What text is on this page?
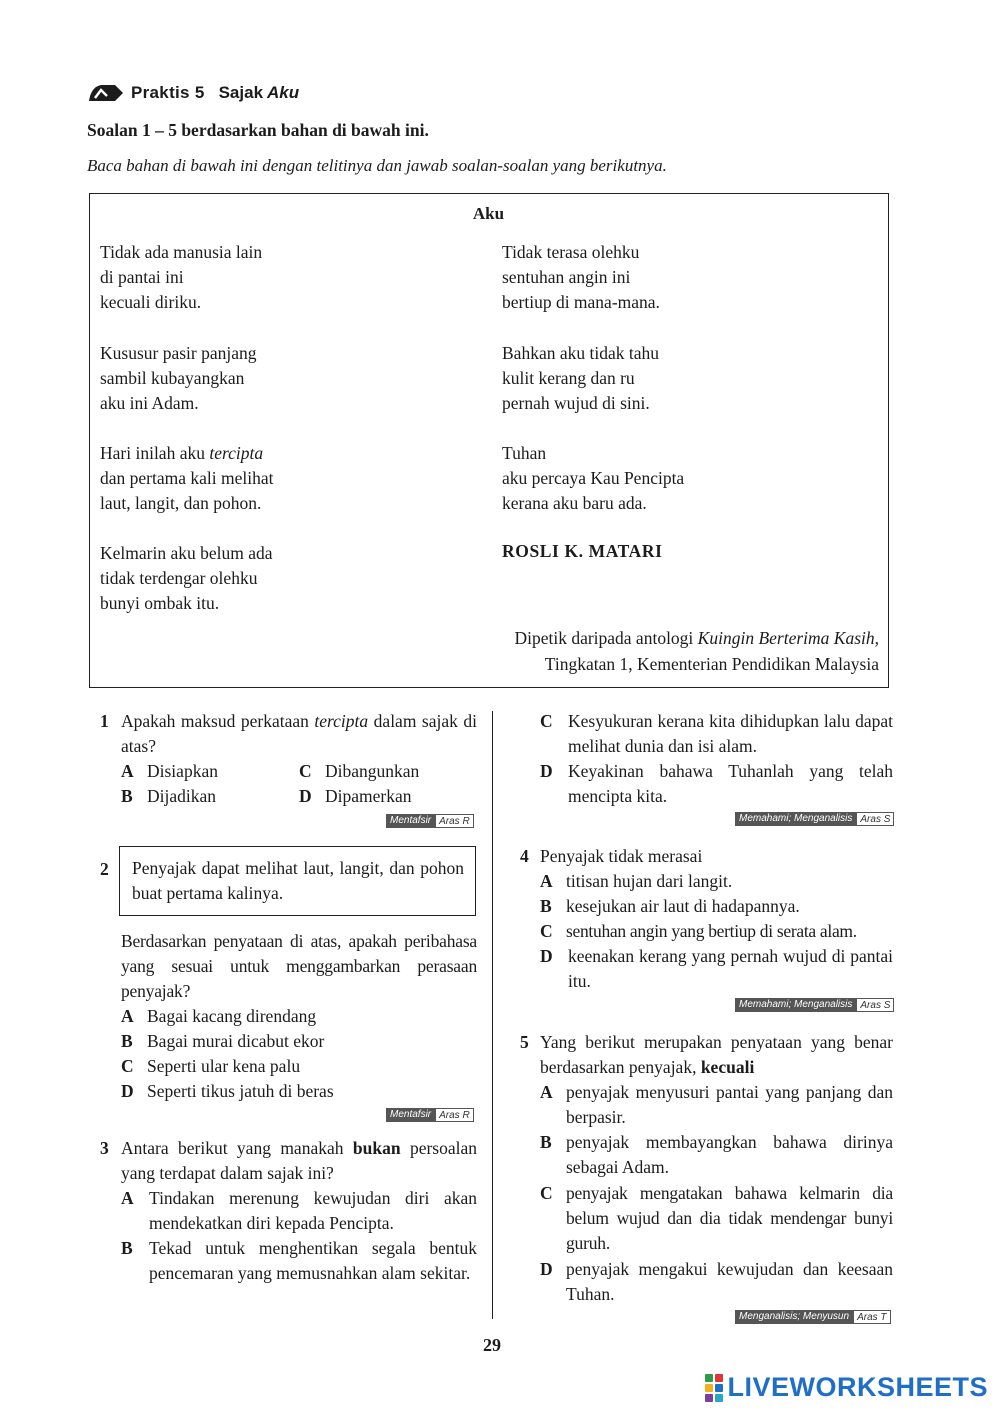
Praktis 5 Sajak
Aku
Soalan 1 – 5 berdasarkan bahan di bawah ini.
Baca bahan di bawah ini dengan telitinya dan jawab soalan-soalan yang berikutnya.
Aku
Tidak ada manusia lain
di pantai ini
kecuali diriku.
Kususur pasir panjang
sambil kubayangkan
aku ini Adam.
Hari inilah aku tercipta
dan pertama kali melihat
laut, langit, dan pohon.
Kelmarin aku belum ada
tidak terdengar olehku
bunyi ombak itu.
Tidak terasa olehku
sentuhan angin ini
bertiup di mana-mana.
Bahkan aku tidak tahu
kulit kerang dan ru
pernah wujud di sini.
Tuhan
aku percaya Kau Pencipta
kerana aku baru ada.
ROSLI K. MATARI
Dipetik daripada antologi Kuingin Berterima Kasih,
Tingkatan 1, Kementerian Pendidikan Malaysia
1 Apakah maksud perkataan tercipta dalam sajak di atas?
A Disiapkan	C Dibangunkan
B Dijadikan	D Dipamerkan
Mentafsir Aras R
2 Penyajak dapat melihat laut, langit, dan pohon buat pertama kalinya.
Berdasarkan penyataan di atas, apakah peribahasa yang sesuai untuk menggambarkan perasaan penyajak?
A Bagai kacang direndang
B Bagai murai dicabut ekor
C Seperti ular kena palu
D Seperti tikus jatuh di beras
Mentafsir Aras R
3 Antara berikut yang manakah bukan persoalan yang terdapat dalam sajak ini?
A Tindakan merenung kewujudan diri akan mendekatkan diri kepada Pencipta.
B Tekad untuk menghentikan segala bentuk pencemaran yang memusnahkan alam sekitar.
C Kesyukuran kerana kita dihidupkan lalu dapat melihat dunia dan isi alam.
D Keyakinan bahawa Tuhanlah yang telah mencipta kita.
Memahami; Menganalisis Aras S
4 Penyajak tidak merasai
A titisan hujan dari langit.
B kesejukan air laut di hadapannya.
C sentuhan angin yang bertiup di serata alam.
D keenakan kerang yang pernah wujud di pantai itu.
Memahami; Menganalisis Aras S
5 Yang berikut merupakan penyataan yang benar berdasarkan penyajak, kecuali
A penyajak menyusuri pantai yang panjang dan berpasir.
B penyajak membayangkan bahawa dirinya sebagai Adam.
C penyajak mengatakan bahawa kelmarin dia belum wujud dan dia tidak mendengar bunyi guruh.
D penyajak mengakui kewujudan dan keesaan Tuhan.
Menganalisis; Menyusun Aras T
29
LIVEWORKSHEETS
